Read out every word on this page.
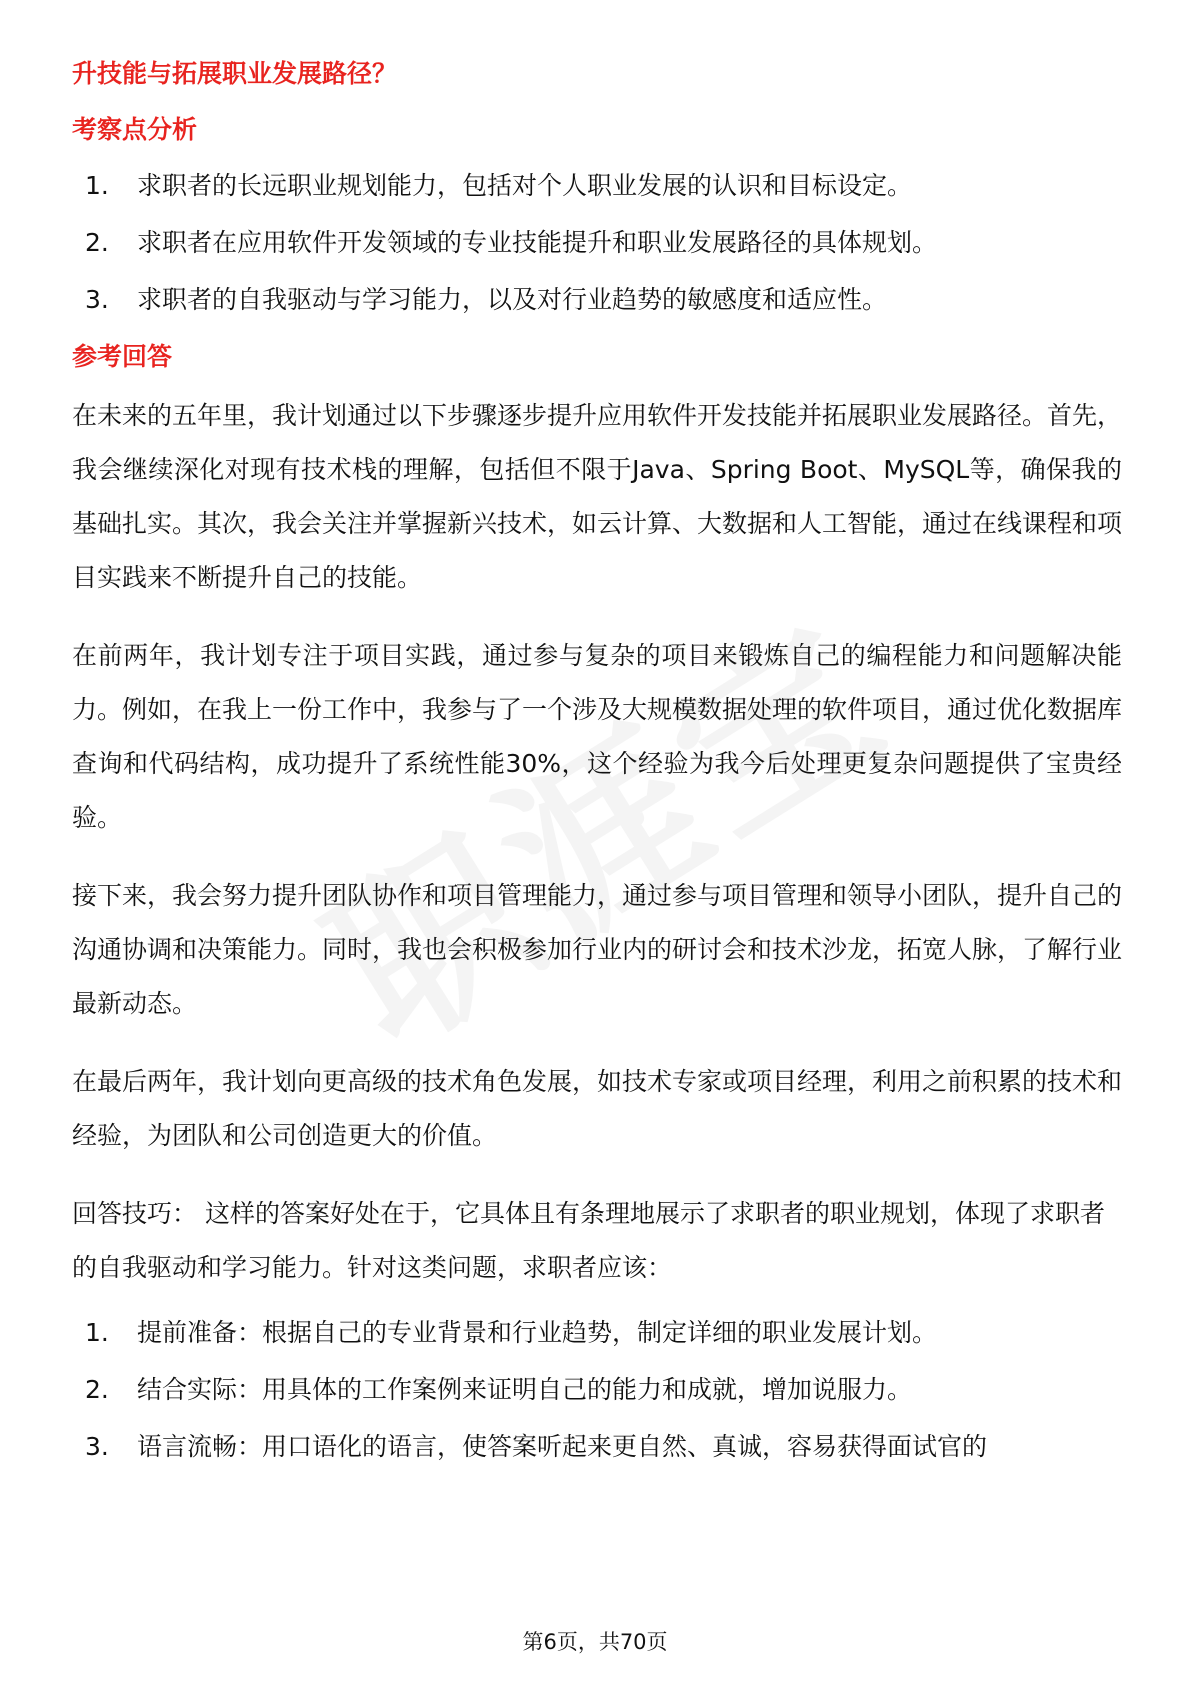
升技能与拓展职业发展路径？
考察点分析
1.	求职者的长远职业规划能力，包括对个人职业发展的认识和目标设定。
2.	求职者在应用软件开发领域的专业技能提升和职业发展路径的具体规划。
3.	求职者的自我驱动与学习能力，以及对行业趋势的敏感度和适应性。
参考回答

在未来的五年里，我计划通过以下步骤逐步提升应用软件开发技能并拓展职业发展路径。首先，我会继续深化对现有技术栈的理解，包括但不限于Java、Spring Boot、MySQL等，确保我的基础扎实。其次，我会关注并掌握新兴技术，如云计算、大数据和人工智能，通过在线课程和项目实践来不断提升自己的技能。

在前两年，我计划专注于项目实践，通过参与复杂的项目来锻炼自己的编程能力和问题解决能力。例如，在我上一份工作中，我参与了一个涉及大规模数据处理的软件项目，通过优化数据库查询和代码结构，成功提升了系统性能30%，这个经验为我今后处理更复杂问题提供了宝贵经验。

接下来，我会努力提升团队协作和项目管理能力，通过参与项目管理和领导小团队，提升自己的沟通协调和决策能力。同时，我也会积极参加行业内的研讨会和技术沙龙，拓宽人脉，了解行业最新动态。

在最后两年，我计划向更高级的技术角色发展，如技术专家或项目经理，利用之前积累的技术和经验，为团队和公司创造更大的价值。

回答技巧： 这样的答案好处在于，它具体且有条理地展示了求职者的职业规划，体现了求职者的自我驱动和学习能力。针对这类问题，求职者应该：

1.	提前准备：根据自己的专业背景和行业趋势，制定详细的职业发展计划。
2.	结合实际：用具体的工作案例来证明自己的能力和成就，增加说服力。
3.	语言流畅：用口语化的语言，使答案听起来更自然、真诚，容易获得面试官的
第6页，共70页
